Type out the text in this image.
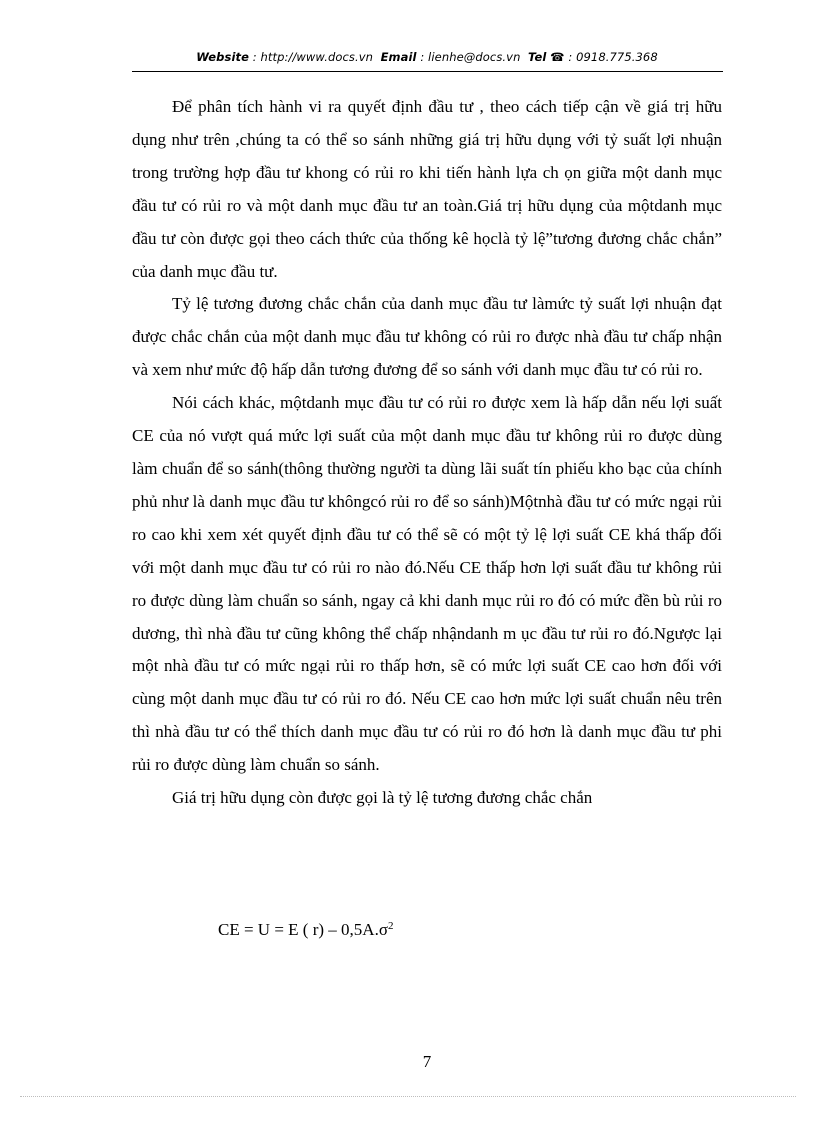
Website : http://www.docs.vn Email : lienhe@docs.vn Tel ☎ : 0918.775.368

Để phân tích hành vi ra quyết định đầu tư , theo cách tiếp cận về giá trị hữu dụng như trên ,chúng ta có thể so sánh những giá trị hữu dụng với tỷ suất lợi nhuận trong trường hợp đầu tư khong có rủi ro khi tiến hành lựa ch ọn giữa một danh mục đầu tư có rủi ro và một danh mục đầu tư an toàn.Giá trị hữu dụng của mộtdanh mục đầu tư còn được gọi theo cách thức của thống kê họclà tỷ lệ”tương đương chắc chắn” của danh mục đầu tư.

Tỷ lệ tương đương chắc chắn của danh mục đầu tư làmức tỷ suất lợi nhuận đạt được chắc chắn của một danh mục đầu tư không có rủi ro được nhà đầu tư chấp nhận và xem như mức độ hấp dẫn tương đương để so sánh với danh mục đầu tư có rủi ro.

Nói cách khác, mộtdanh mục đầu tư có rủi ro được xem là hấp dẫn nếu lợi suất CE của nó vượt quá mức lợi suất của một danh mục đầu tư không rủi ro được dùng làm chuẩn để so sánh(thông thường người ta dùng lãi suất tín phiếu kho bạc của chính phủ như là danh mục đầu tư khôngcó rủi ro để so sánh)Mộtnhà đầu tư có mức ngại rủi ro cao khi xem xét quyết định đầu tư có thể sẽ có một tỷ lệ lợi suất CE khá thấp đối với một danh mục đầu tư có rủi ro nào đó.Nếu CE thấp hơn lợi suất đầu tư không rủi ro được dùng làm chuẩn so sánh, ngay cả khi danh mục rủi ro đó có mức đền bù rủi ro dương, thì nhà đầu tư cũng không thể chấp nhậndanh m ục đầu tư rủi ro đó.Ngược lại một nhà đầu tư có mức ngại rủi ro thấp hơn, sẽ có mức lợi suất CE cao hơn đối với cùng một danh mục đầu tư có rủi ro đó. Nếu CE cao hơn mức lợi suất chuẩn nêu trên thì nhà đầu tư có thể thích danh mục đầu tư có rủi ro đó hơn là danh mục đầu tư phi rủi ro được dùng làm chuẩn so sánh.

Giá trị hữu dụng còn được gọi là tỷ lệ tương đương chắc chắn

CE = U = E ( $r) - 0,5A.\sigma^2$
7
